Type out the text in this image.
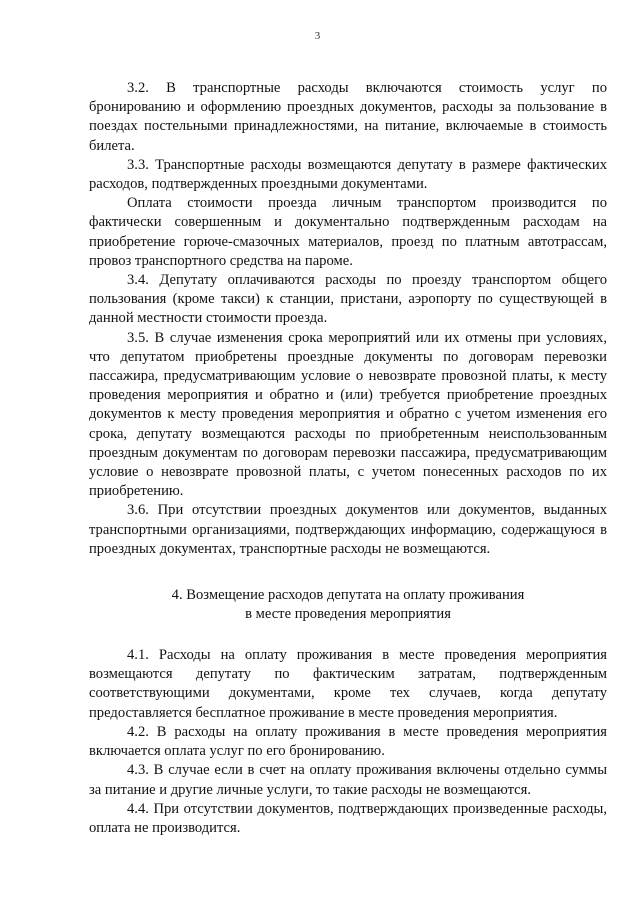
3

3.2. В транспортные расходы включаются стоимость услуг по бронированию и оформлению проездных документов, расходы за пользование в поездах постельными принадлежностями, на питание, включаемые в стоимость билета.

3.3. Транспортные расходы возмещаются депутату в размере фактических расходов, подтвержденных проездными документами.

Оплата стоимости проезда личным транспортом производится по фактически совершенным и документально подтвержденным расходам на приобретение горюче-смазочных материалов, проезд по платным автотрассам, провоз транспортного средства на пароме.

3.4. Депутату оплачиваются расходы по проезду транспортом общего пользования (кроме такси) к станции, пристани, аэропорту по существующей в данной местности стоимости проезда.

3.5. В случае изменения срока мероприятий или их отмены при условиях, что депутатом приобретены проездные документы по договорам перевозки пассажира, предусматривающим условие о невозврате провозной платы, к месту проведения мероприятия и обратно и (или) требуется приобретение проездных документов к месту проведения мероприятия и обратно с учетом изменения его срока, депутату возмещаются расходы по приобретенным неиспользованным проездным документам по договорам перевозки пассажира, предусматривающим условие о невозврате провозной платы, с учетом понесенных расходов по их приобретению.

3.6. При отсутствии проездных документов или документов, выданных транспортными организациями, подтверждающих информацию, содержащуюся в проездных документах, транспортные расходы не возмещаются.

4. Возмещение расходов депутата на оплату проживания
в месте проведения мероприятия

4.1. Расходы на оплату проживания в месте проведения мероприятия возмещаются депутату по фактическим затратам, подтвержденным соответствующими документами, кроме тех случаев, когда депутату предоставляется бесплатное проживание в месте проведения мероприятия.

4.2. В расходы на оплату проживания в месте проведения мероприятия включается оплата услуг по его бронированию.

4.3. В случае если в счет на оплату проживания включены отдельно суммы за питание и другие личные услуги, то такие расходы не возмещаются.

4.4. При отсутствии документов, подтверждающих произведенные расходы, оплата не производится.
